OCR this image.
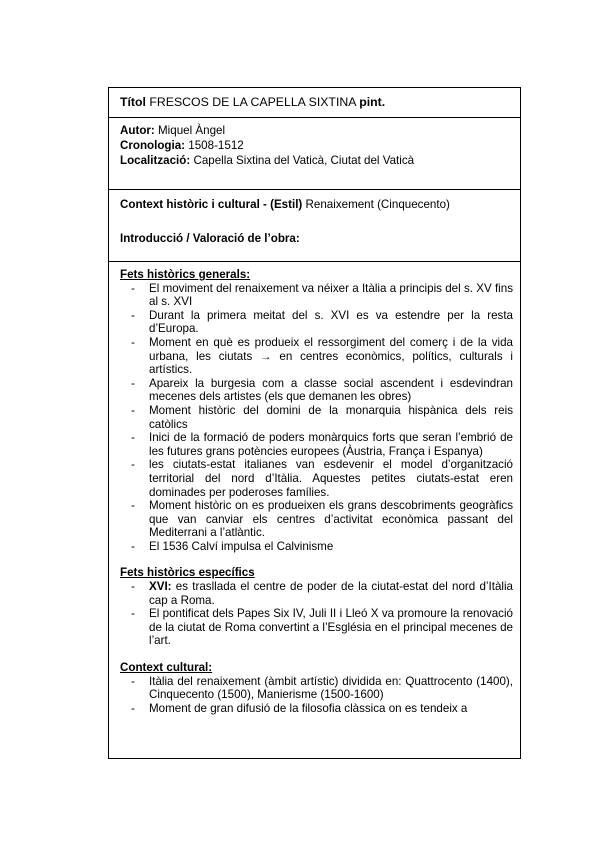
Títol FRESCOS DE LA CAPELLA SIXTINA pint.
Autor: Miquel Àngel
Cronologia: 1508-1512
Localització: Capella Sixtina del Vaticà, Ciutat del Vaticà
Context històric i cultural - (Estil) Renaixement (Cinquecento)
Introducció / Valoració de l’obra:
Fets històrics generals:
- El moviment del renaixement va néixer a Itàlia a principis del s. XV fins al s. XVI
- Durant la primera meitat del s. XVI es va estendre per la resta d’Europa.
- Moment en què es produeix el ressorgiment del comerç i de la vida urbana, les ciutats → en centres econòmics, polítics, culturals i artístics.
- Apareix la burgesia com a classe social ascendent i esdevindran mecenes dels artistes (els que demanen les obres)
- Moment històric del domini de la monarquia hispànica dels reis catòlics
- Inici de la formació de poders monàrquics forts que seran l’embrió de les futures grans potències europees (Àustria, França i Espanya)
- les ciutats-estat italianes van esdevenir el model d’organització territorial del nord d’Itàlia. Aquestes petites ciutats-estat eren dominades per poderoses famílies.
- Moment històric on es produeixen els grans descobriments geogràfics que van canviar els centres d’activitat econòmica passant del Mediterrani a l’atlàntic.
- El 1536 Calví impulsa el Calvinisme
Fets històrics específics
- XVI: es trasllada el centre de poder de la ciutat-estat del nord d’Itàlia cap a Roma.
- El pontificat dels Papes Six IV, Juli II i Lleó X va promoure la renovació de la ciutat de Roma convertint a l’Església en el principal mecenes de l’art.
Context cultural:
- Itàlia del renaixement (àmbit artístic) dividida en: Quattrocento (1400), Cinquecento (1500), Manierisme (1500-1600)
- Moment de gran difusió de la filosofia clàssica on es tendeix a
